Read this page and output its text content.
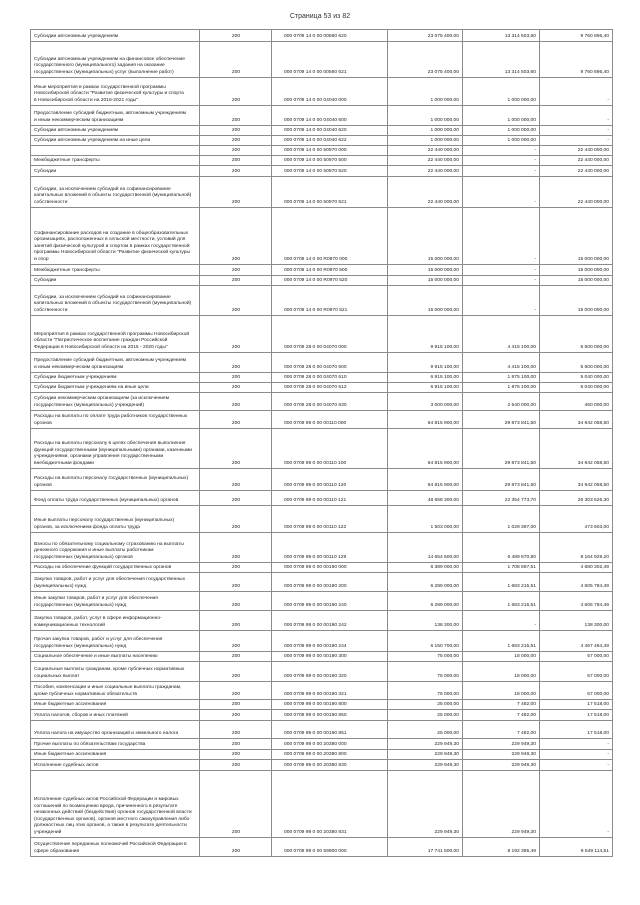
Страница 53 из 82
Субсидии автономным учреждениям	200	000 0709 14 0 00 00560 620	23 075 400,00	13 314 503,60	9 760 896,40
Субсидии автономным учреждениям на финансовое обеспечение
государственного (муниципального) задания на оказание
государственных (муниципальных) услуг (выполнение работ)	200	000 0709 14 0 00 00560 621	23 075 400,00	13 314 503,60	9 760 896,40
Иные мероприятия в рамках государственной программы
Новосибирской области "Развитие физической культуры и спорта
в Новосибирской области на 2016-2021 годы"	200	000 0709 14 0 00 04040 000	1 000 000,00	1 000 000,00	-
Предоставление субсидий бюджетным, автономным учреждениям
и иным некоммерческим организациям	200	000 0709 14 0 00 04040 600	1 000 000,00	1 000 000,00	-
Субсидии автономным учреждениям	200	000 0709 14 0 00 04040 620	1 000 000,00	1 000 000,00	-
Субсидии автономным учреждениям на иные цели	200	000 0709 14 0 00 04040 622	1 000 000,00	1 000 000,00	-
200	000 0709 14 0 00 50970 000	22 440 000,00	-	22 440 000,00
Межбюджетные трансферты	200	000 0709 14 0 00 50970 500	22 440 000,00	-	22 440 000,00
Субсидии	200	000 0709 14 0 00 50970 520	22 440 000,00	-	22 440 000,00
Субсидии, за исключением субсидий на софинансирование
капитальных вложений в объекты государственной (муниципальной)
собственности	200	000 0709 14 0 00 50970 521	22 440 000,00	-	22 440 000,00
Софинансирование расходов на создание в общеобразовательных
организациях, расположенных в сельской местности, условий для
занятий физической культурой и спортом в рамках государственной
программы Новосибирской области "Развитие физической культуры
и спор	200	000 0709 14 0 00 R0970 000	15 000 000,00	-	15 000 000,00
Межбюджетные трансферты	200	000 0709 14 0 00 R0970 500	15 000 000,00	-	15 000 000,00
Субсидии	200	000 0709 14 0 00 R0970 520	15 000 000,00	-	15 000 000,00
Субсидии, за исключением субсидий на софинансирование
капитальных вложений в объекты государственной (муниципальной)
собственности	200	000 0709 14 0 00 R0970 521	15 000 000,00	-	15 000 000,00
Мероприятия в рамках государственной программы Новосибирской
области "Патриотическое воспитание граждан Российской
Федерации в Новосибирской области на 2015 - 2020 годы"	200	000 0709 28 0 00 04070 000	9 915 100,00	4 415 100,00	5 500 000,00
Предоставление субсидий бюджетным, автономным учреждениям
и иным некоммерческим организациям	200	000 0709 28 0 00 04070 600	9 915 100,00	4 415 100,00	5 500 000,00
Субсидии бюджетным учреждениям	200	000 0709 28 0 00 04070 610	6 915 100,00	1 875 100,00	5 040 000,00
Субсидии бюджетным учреждениям на иные цели	200	000 0709 28 0 00 04070 612	6 915 100,00	1 875 100,00	5 040 000,00
Субсидии некоммерческим организациям (за исключением
государственных (муниципальных) учреждений)	200	000 0709 28 0 00 04070 630	3 000 000,00	2 540 000,00	460 000,00
Расходы на выплаты по оплате труда работников государственных
органов	200	000 0709 99 0 00 00110 000	64 815 900,00	29 873 841,50	34 942 058,50
Расходы на выплаты персоналу в целях обеспечения выполнения
функций государственными (муниципальными) органами, казенными
учреждениями, органами управления государственными
внебюджетными фондами	200	000 0709 99 0 00 00110 100	64 815 900,00	29 873 841,50	34 942 058,50
Расходы на выплаты персоналу государственных (муниципальных)
органов	200	000 0709 99 0 00 00110 120	64 815 900,00	29 873 841,50	34 942 058,50
Фонд оплаты труда государственных (муниципальных) органов	200	000 0709 99 0 00 00110 121	48 658 300,00	22 354 773,70	26 303 526,30
Иные выплаты персоналу государственных (муниципальных)
органов, за исключением фонда оплаты труда	200	000 0709 99 0 00 00110 122	1 503 000,00	1 029 397,00	473 603,00
Взносы по обязательному социальному страхованию на выплаты
денежного содержания и иные выплаты работникам
государственных (муниципальных) органов	200	000 0709 99 0 00 00110 129	14 654 600,00	6 489 670,80	8 164 929,20
Расходы на обеспечение функций государственных органов	200	000 0709 99 0 00 00190 000	6 389 000,00	1 708 697,51	4 680 302,49
Закупка товаров, работ и услуг для обеспечения государственных
(муниципальных) нужд	200	000 0709 99 0 00 00190 200	6 289 000,00	1 683 215,51	4 605 784,49
Иные закупки товаров, работ и услуг для обеспечения
государственных (муниципальных) нужд	200	000 0709 99 0 00 00190 240	6 289 000,00	1 683 215,51	4 605 784,49
Закупка товаров, работ, услуг в сфере информационно-
коммуникационных технологий	200	000 0709 99 0 00 00190 242	138 300,00	-	138 300,00
Прочая закупка товаров, работ и услуг для обеспечения
государственных (муниципальных) нужд	200	000 0709 99 0 00 00190 244	6 150 700,00	1 683 215,51	4 467 484,49
Социальное обеспечение и иные выплаты населению	200	000 0709 99 0 00 00190 300	75 000,00	18 000,00	57 000,00
Социальные выплаты гражданам, кроме публичных нормативных
социальных выплат	200	000 0709 99 0 00 00190 320	75 000,00	18 000,00	57 000,00
Пособия, компенсации и иные социальные выплаты гражданам,
кроме публичных нормативных обязательств	200	000 0709 99 0 00 00190 321	75 000,00	18 000,00	57 000,00
Иные бюджетные ассигнования	200	000 0709 99 0 00 00190 800	25 000,00	7 482,00	17 518,00
Уплата налогов, сборов и иных платежей	200	000 0709 99 0 00 00190 850	25 000,00	7 482,00	17 518,00
Уплата налога на имущество организаций и земельного налога	200	000 0709 99 0 00 00190 851	25 000,00	7 482,00	17 518,00
Прочие выплаты по обязательствам государства	200	000 0709 99 0 00 20380 000	229 949,30	229 949,30	-
Иные бюджетные ассигнования	200	000 0709 99 0 00 20380 800	229 949,30	229 949,30	-
Исполнение судебных актов	200	000 0709 99 0 00 20380 830	229 949,30	229 949,30	-
Исполнение судебных актов Российской Федерации и мировых
соглашений по возмещению вреда, причиненного в результате
незаконных действий (бездействия) органов государственной власти
(государственных органов), органов местного самоуправления либо
должностных лиц этих органов, а также в результате деятельности
учреждений	200	000 0709 99 0 00 20380 831	229 949,30	229 949,30	-
Осуществление переданных полномочий Российской Федерации в
сфере образования	200	000 0709 99 0 00 59900 000	17 741 500,00	8 192 385,49	9 549 114,51
